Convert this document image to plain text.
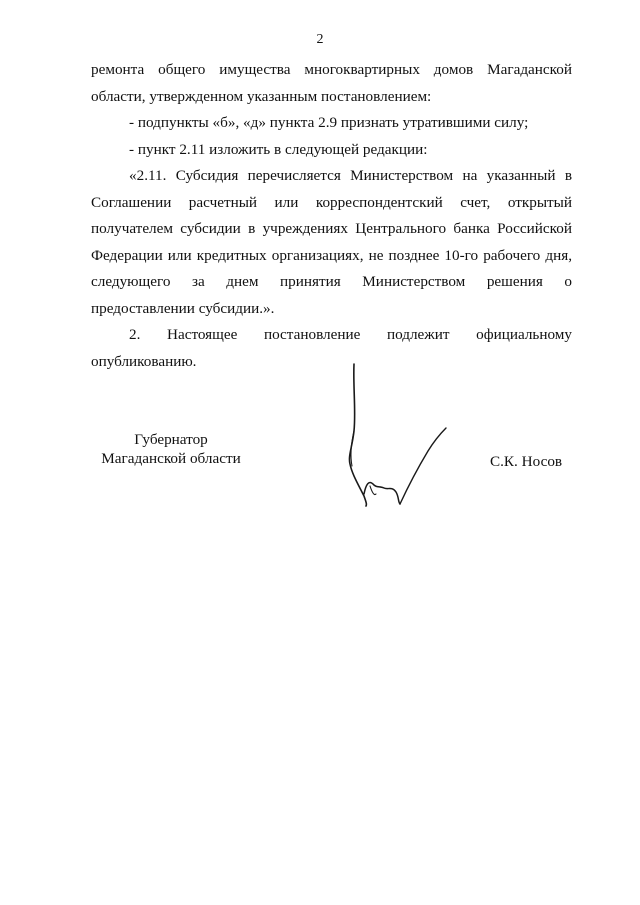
2

ремонта общего имущества многоквартирных домов Магаданской области, утвержденном указанным постановлением:

- подпункты «б», «д» пункта 2.9 признать утратившими силу;

- пункт 2.11 изложить в следующей редакции:

«2.11. Субсидия перечисляется Министерством на указанный в Соглашении расчетный или корреспондентский счет, открытый получателем субсидии в учреждениях Центрального банка Российской Федерации или кредитных организациях, не позднее 10-го рабочего дня, следующего за днем принятия Министерством решения о предоставлении субсидии.».

2. Настоящее постановление подлежит официальному

опубликованию.

Губернатор
Магаданской области	С.К. Носов
